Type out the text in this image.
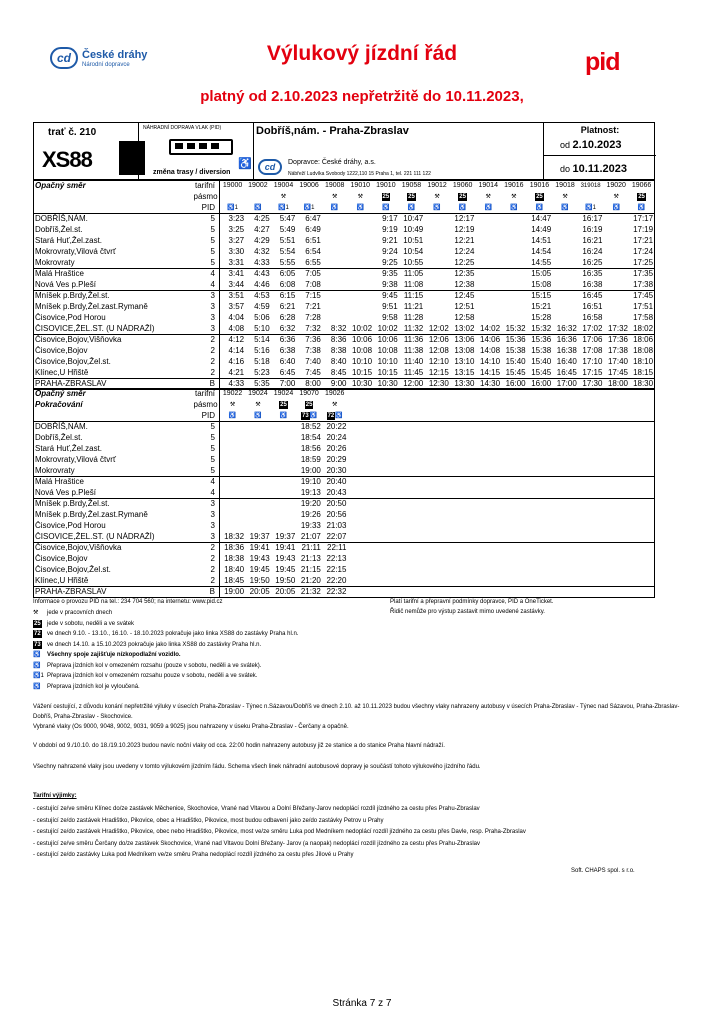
cd	České dráhy
Národní dopravce	Výlukový jízdní řád	pid
platný od 2.10.2023 nepřetržitě do 10.11.2023,
trať č. 210
XS88
NÁHRADNÍ DOPRAVA VLAK (PID)
♿
změna trasy / diversion
Dobříš,nám. - Praha-Zbraslav
cd	Dopravce: České dráhy, a.s.
Nábřeží Ludvíka Svobody 1222,110 15 Praha 1, tel. 221 111 122
Platnost:
od 2.10.2023
do 10.11.2023
Opačný směr	tarifní	19000	19002	19004	19006	19008	19010	19010	19058	19012	19060	19014	19016	19016	19018	319018	19020	19066
	pásmo			⚒		⚒	⚒	25	25	⚒	25	⚒	⚒	25	⚒		⚒	25
	PID	♿1	♿	♿1	♿1	♿	♿	♿	♿	♿	♿	♿	♿	♿	♿	♿1	♿	♿
DOBŘÍŠ,NÁM.	5	3:23	4:25	5:47	6:47			9:17	10:47		12:17			14:47		16:17		17:17
Dobříš,Žel.st.	5	3:25	4:27	5:49	6:49			9:19	10:49		12:19			14:49		16:19		17:19
Stará Huť,Žel.zast.	5	3:27	4:29	5:51	6:51			9:21	10:51		12:21			14:51		16:21		17:21
Mokrovraty,Vilová čtvrť	5	3:30	4:32	5:54	6:54			9:24	10:54		12:24			14:54		16:24		17:24
Mokrovraty	5	3:31	4:33	5:55	6:55			9:25	10:55		12:25			14:55		16:25		17:25
Malá Hraštice	4	3:41	4:43	6:05	7:05			9:35	11:05		12:35			15:05		16:35		17:35
Nová Ves p.Pleší	4	3:44	4:46	6:08	7:08			9:38	11:08		12:38			15:08		16:38		17:38
Mníšek p.Brdy,Žel.st.	3	3:51	4:53	6:15	7:15			9:45	11:15		12:45			15:15		16:45		17:45
Mníšek p.Brdy,Žel.zast.Rymaně	3	3:57	4:59	6:21	7:21			9:51	11:21		12:51			15:21		16:51		17:51
Čisovice,Pod Horou	3	4:04	5:06	6:28	7:28			9:58	11:28		12:58			15:28		16:58		17:58
ČISOVICE,ŽEL.ST. (U NÁDRAŽÍ)	3	4:08	5:10	6:32	7:32	8:32	10:02	10:02	11:32	12:02	13:02	14:02	15:32	15:32	16:32	17:02	17:32	18:02
Čisovice,Bojov,Višňovka	2	4:12	5:14	6:36	7:36	8:36	10:06	10:06	11:36	12:06	13:06	14:06	15:36	15:36	16:36	17:06	17:36	18:06
Čisovice,Bojov	2	4:14	5:16	6:38	7:38	8:38	10:08	10:08	11:38	12:08	13:08	14:08	15:38	15:38	16:38	17:08	17:38	18:08
Čisovice,Bojov,Žel.st.	2	4:16	5:18	6:40	7:40	8:40	10:10	10:10	11:40	12:10	13:10	14:10	15:40	15:40	16:40	17:10	17:40	18:10
Klínec,U Hřiště	2	4:21	5:23	6:45	7:45	8:45	10:15	10:15	11:45	12:15	13:15	14:15	15:45	15:45	16:45	17:15	17:45	18:15
PRAHA-ZBRASLAV	B	4:33	5:35	7:00	8:00	9:00	10:30	10:30	12:00	12:30	13:30	14:30	16:00	16:00	17:00	17:30	18:00	18:30
Opačný směr	tarifní	19022	19024	19024	19070	19026												
Pokračování	pásmo	⚒	⚒	25	25	⚒												
	PID	♿	♿	♿	73♿	72♿												
DOBŘÍŠ,NÁM.	5				18:52	20:22												
Dobříš,Žel.st.	5				18:54	20:24												
Stará Huť,Žel.zast.	5				18:56	20:26												
Mokrovraty,Vilová čtvrť	5				18:59	20:29												
Mokrovraty	5				19:00	20:30												
Malá Hraštice	4				19:10	20:40												
Nová Ves p.Pleší	4				19:13	20:43												
Mníšek p.Brdy,Žel.st.	3				19:20	20:50												
Mníšek p.Brdy,Žel.zast.Rymaně	3				19:26	20:56												
Čisovice,Pod Horou	3				19:33	21:03												
ČISOVICE,ŽEL.ST. (U NÁDRAŽÍ)	3	18:32	19:37	19:37	21:07	22:07												
Čisovice,Bojov,Višňovka	2	18:36	19:41	19:41	21:11	22:11												
Čisovice,Bojov	2	18:38	19:43	19:43	21:13	22:13												
Čisovice,Bojov,Žel.st.	2	18:40	19:45	19:45	21:15	22:15												
Klínec,U Hřiště	2	18:45	19:50	19:50	21:20	22:20												
PRAHA-ZBRASLAV	B	19:00	20:05	20:05	21:32	22:32												
Informace o provozu PID na tel.: 234 704 560; na internetu: www.pid.cz
⚒ jede v pracovních dnech
25 jede v sobotu, neděli a ve svátek
72 ve dnech 9.10. - 13.10., 16.10. - 18.10.2023 pokračuje jako linka XS88 do zastávky Praha hl.n.
73 ve dnech 14.10. a 15.10.2023 pokračuje jako linka XS88 do zastávky Praha hl.n.
♿ Všechny spoje zajišťuje nízkopodlažní vozidlo.
♿ Přeprava jízdních kol v omezeném rozsahu (pouze v sobotu, neděli a ve svátek).
♿1 Přeprava jízdních kol v omezeném rozsahu pouze v sobotu, neděli a ve svátek.
♿ Přeprava jízdních kol je vyloučená.
Platí tarifní a přepravní podmínky dopravce, PID a OneTicket.
Řidič nemůže pro výstup zastavit mimo uvedené zastávky.
Vážení cestující, z důvodu konání nepřetržité výluky v úsecích Praha-Zbraslav - Týnec n.Sázavou/Dobříš ve dnech 2.10. až 10.11.2023 budou všechny vlaky nahrazeny autobusy v úsecích Praha-Zbraslav - Týnec nad Sázavou, Praha-Zbraslav-Dobříš, Praha-Zbraslav - Skochovice.
Vybrané vlaky (Os 9000, 9048, 9002, 9031, 9059 a 9025) jsou nahrazeny v úseku Praha-Zbraslav - Čerčany a opačně.
V období od 9./10.10. do 18./19.10.2023 budou navíc noční vlaky od cca. 22:00 hodin nahrazeny autobusy již ze stanice a do stanice Praha hlavní nádraží.
Všechny nahrazené vlaky jsou uvedeny v tomto výlukovém jízdním řádu. Schema všech linek náhradní autobusové dopravy je součástí tohoto výlukového jízdního řádu.
Tarifní výjimky:
- cestující ze/ve směru Klínec do/ze zastávek Měchenice, Skochovice, Vrané nad Vltavou a Dolní Břežany-Jarov nedoplácí rozdíl jízdného za cestu přes Prahu-Zbraslav
- cestující ze/do zastávek Hradištko, Pikovice, obec a Hradištko, Pikovice, most budou odbavení jako ze/do zastávky Petrov u Prahy
- cestující ze/do zastávek Hradištko, Pikovice, obec nebo Hradištko, Pikovice, most ve/ze směru Luka pod Medníkem nedoplácí rozdíl jízdného za cestu přes Davle, resp. Praha-Zbraslav
- cestující ze/ve směru Čerčany do/ze zastávek Skochovice, Vrané nad Vltavou Dolní Břežany- Jarov (a naopak) nedoplácí rozdíl jízdného za cestu přes Prahu-Zbraslav
- cestující ze/do zastávky Luka pod Medníkem ve/ze směru Praha nedoplácí rozdíl jízdného za cestu přes Jílové u Prahy
Soft. CHAPS spol. s r.o.
Stránka 7 z 7
